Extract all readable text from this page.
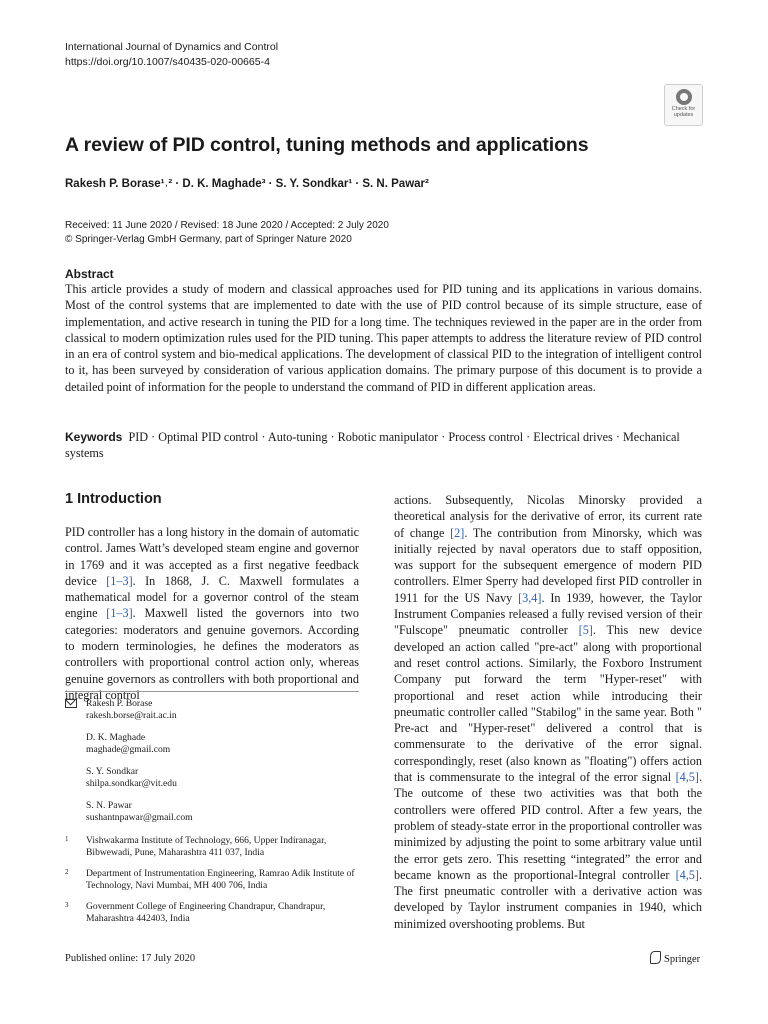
International Journal of Dynamics and Control
https://doi.org/10.1007/s40435-020-00665-4
Check for
updates
A review of PID control, tuning methods and applications
Rakesh P. Borase¹˒² · D. K. Maghade³ · S. Y. Sondkar¹ · S. N. Pawar²
Received: 11 June 2020 / Revised: 18 June 2020 / Accepted: 2 July 2020
© Springer-Verlag GmbH Germany, part of Springer Nature 2020
Abstract

This article provides a study of modern and classical approaches used for PID tuning and its applications in various domains. Most of the control systems that are implemented to date with the use of PID control because of its simple structure, ease of implementation, and active research in tuning the PID for a long time. The techniques reviewed in the paper are in the order from classical to modern optimization rules used for the PID tuning. This paper attempts to address the literature review of PID control in an era of control system and bio-medical applications. The development of classical PID to the integration of intelligent control to it, has been surveyed by consideration of various application domains. The primary purpose of this document is to provide a detailed point of information for the people to understand the command of PID in different application areas.

Keywords PID · Optimal PID control · Auto-tuning · Robotic manipulator · Process control · Electrical drives · Mechanical systems

1 Introduction

PID controller has a long history in the domain of automatic control. James Watt’s developed steam engine and governor in 1769 and it was accepted as a first negative feedback device [1–3]. In 1868, J. C. Maxwell formulates a mathematical model for a governor control of the steam engine [1–3]. Maxwell listed the governors into two categories: moderators and genuine governors. According to modern terminologies, he defines the moderators as controllers with proportional control action only, whereas genuine governors as controllers with both proportional and integral control

actions. Subsequently, Nicolas Minorsky provided a theoretical analysis for the derivative of error, its current rate of change [2]. The contribution from Minorsky, which was initially rejected by naval operators due to staff opposition, was support for the subsequent emergence of modern PID controllers. Elmer Sperry had developed first PID controller in 1911 for the US Navy [3,4]. In 1939, however, the Taylor Instrument Companies released a fully revised version of their "Fulscope" pneumatic controller [5]. This new device developed an action called "pre-act" along with proportional and reset control actions. Similarly, the Foxboro Instrument Company put forward the term "Hyper-reset" with proportional and reset action while introducing their pneumatic controller called "Stabilog" in the same year. Both " Pre-act and "Hyper-reset" delivered a control that is commensurate to the derivative of the error signal. correspondingly, reset (also known as "floating") offers action that is commensurate to the integral of the error signal [4,5]. The outcome of these two activities was that both the controllers were offered PID control. After a few years, the problem of steady-state error in the proportional controller was minimized by adjusting the point to some arbitrary value until the error gets zero. This resetting “integrated” the error and became known as the proportional-Integral controller [4,5]. The first pneumatic controller with a derivative action was developed by Taylor instrument companies in 1940, which minimized overshooting problems. But

Rakesh P. Borase
rakesh.borse@rait.ac.in
D. K. Maghade
maghade@gmail.com
S. Y. Sondkar
shilpa.sondkar@vit.edu
S. N. Pawar
sushantnpawar@gmail.com
1 Vishwakarma Institute of Technology, 666, Upper Indiranagar, Bibwewadi, Pune, Maharashtra 411 037, India
2 Department of Instrumentation Engineering, Ramrao Adik Institute of Technology, Navi Mumbai, MH 400 706, India
3 Government College of Engineering Chandrapur, Chandrapur, Maharashtra 442403, India
Published online: 17 July 2020	Springer
